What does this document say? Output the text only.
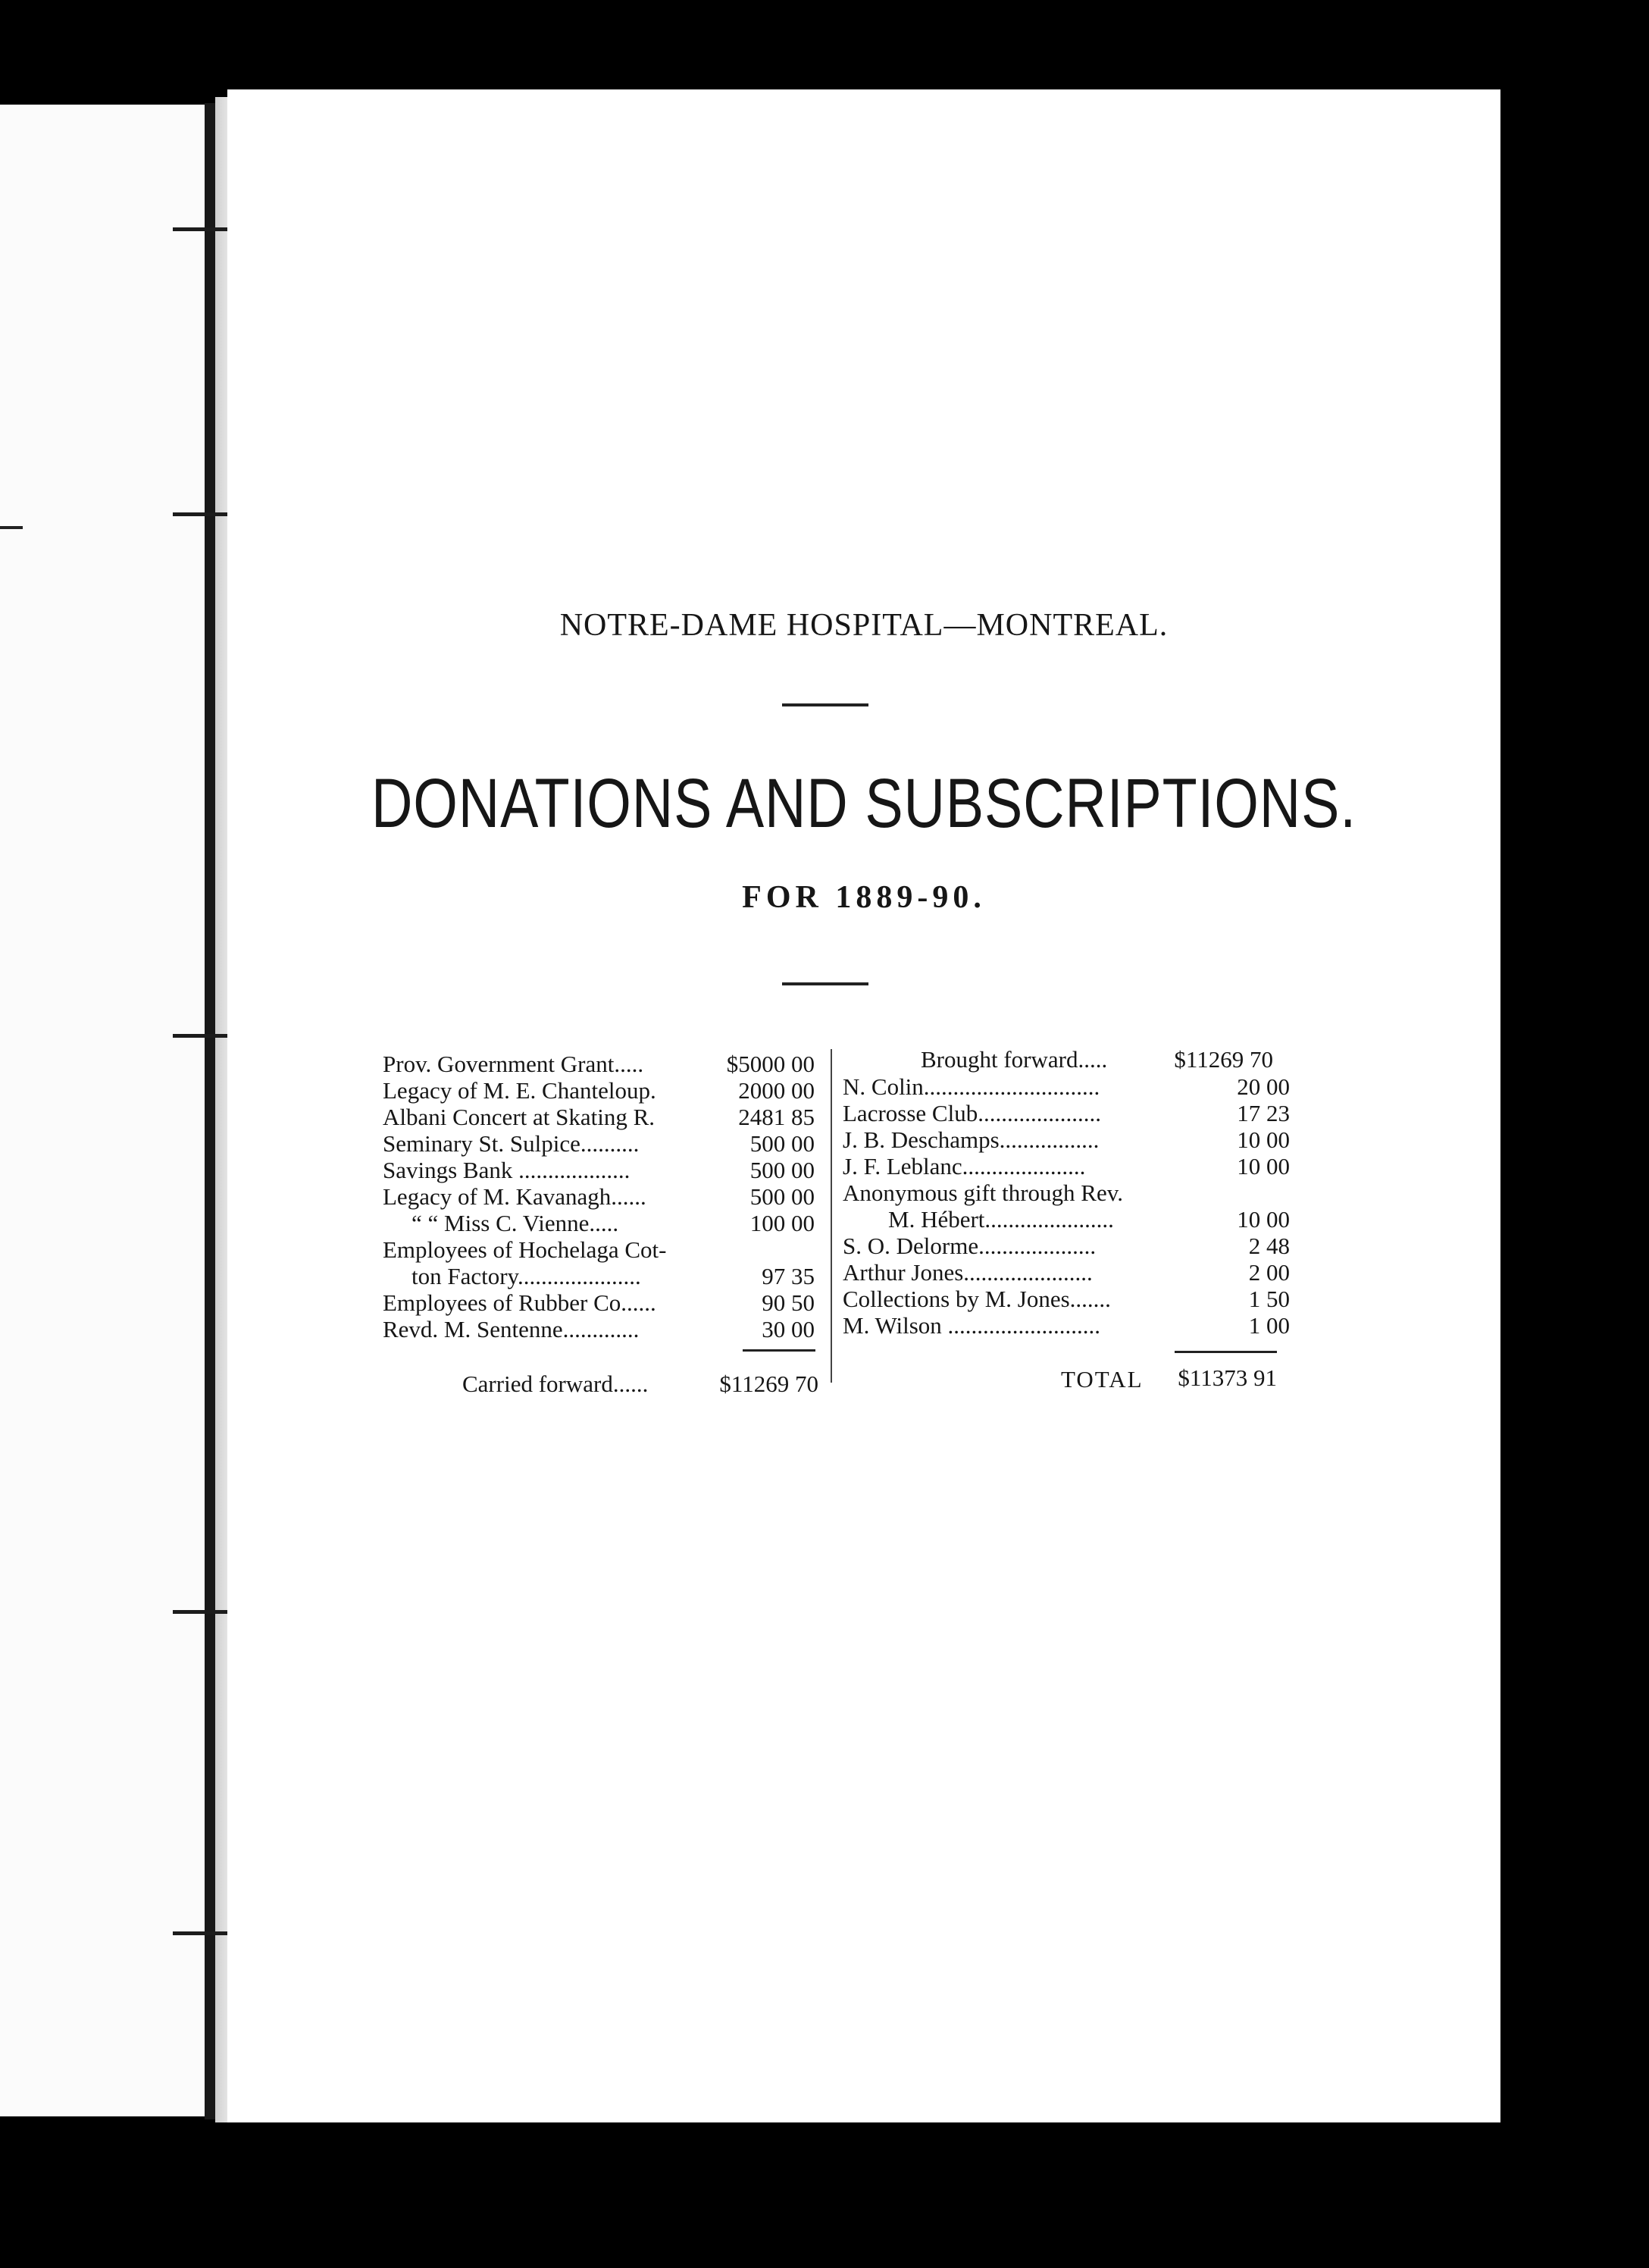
NOTRE-DAME HOSPITAL—MONTREAL.
DONATIONS AND SUBSCRIPTIONS.
FOR 1889-90.
Prov. Government Grant.....	$5000 00
Legacy of M. E. Chanteloup.	2000 00
Albani Concert at Skating R.	2481 85
Seminary St. Sulpice..........	500 00
Savings Bank ...................	500 00
Legacy of M. Kavanagh......	500 00
“ “ Miss C. Vienne.....	100 00
Employees of Hochelaga Cot-
ton Factory.....................	97 35
Employees of Rubber Co......	90 50
Revd. M. Sentenne.............	30 00
Carried forward......	$11269 70
Brought forward.....	$11269 70
N. Colin..............................	20 00
Lacrosse Club.....................	17 23
J. B. Deschamps.................	10 00
J. F. Leblanc.....................	10 00
Anonymous gift through Rev.
M. Hébert......................	10 00
S. O. Delorme....................	2 48
Arthur Jones......................	2 00
Collections by M. Jones.......	1 50
M. Wilson ..........................	1 00
TOTAL	$11373 91
